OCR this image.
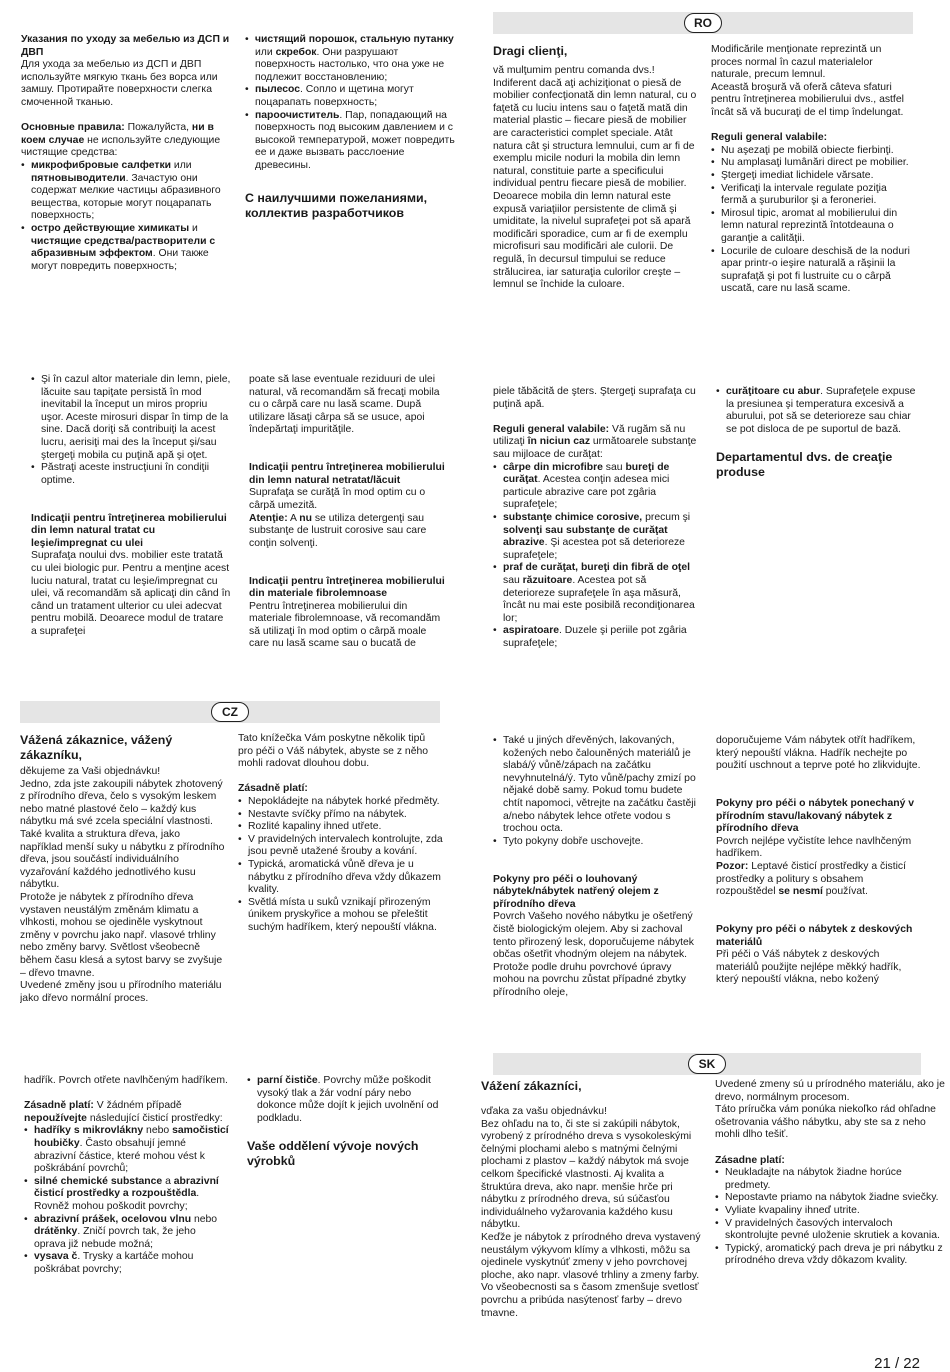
Указания по уходу за мебелью из ДСП и ДВП

Для ухода за мебелью из ДСП и ДВП используйте мягкую ткань без ворса или замшу. Протирайте поверхности слегка смоченной тканью.

Основные правила: Пожалуйста, ни в коем случае не используйте следующие чистящие средства:

• микрофибровые салфетки или пятновыводители. Зачастую они содержат мелкие частицы абразивного вещества, которые могут поцарапать поверхность;
• остро действующие химикаты и чистящие средства/растворители с абразивным эффектом. Они также могут повредить поверхность;
• чистящий порошок, стальную путанку или скребок. Они разрушают поверхность настолько, что она уже не подлежит восстановлению;
• пылесос. Сопло и щетина могут поцарапать поверхность;
• пароочиститель. Пар, попадающий на поверхность под высоким давлением и с высокой температурой, может повредить ее и даже вызвать расслоение древесины.

С наилучшими пожеланиями, коллектив разработчиков

RO

Dragi clienţi,

vă mulţumim pentru comanda dvs.!

Indiferent dacă aţi achiziţionat o piesă de mobilier confecţionată din lemn natural, cu o faţetă cu luciu intens sau o faţetă mată din material plastic – fiecare piesă de mobilier are caracteristici complet speciale. Atât natura cât şi structura lemnului, cum ar fi de exemplu micile noduri la mobila din lemn natural, constituie parte a specificului individual pentru fiecare piesă de mobilier.

Deoarece mobila din lemn natural este expusă variaţiilor persistente de climă şi umiditate, la nivelul suprafeţei pot să apară modificări sporadice, cum ar fi de exemplu microfisuri sau modificări ale culorii. De regulă, în decursul timpului se reduce strălucirea, iar saturaţia culorilor creşte – lemnul se închide la culoare.

Modificările menţionate reprezintă un proces normal în cazul materialelor naturale, precum lemnul.

Această broşură vă oferă câteva sfaturi pentru întreţinerea mobilierului dvs., astfel încât să vă bucuraţi de el timp îndelungat.

Reguli general valabile:

• Nu aşezaţi pe mobilă obiecte fierbinţi.
• Nu amplasaţi lumânări direct pe mobilier.
• Ştergeţi imediat lichidele vărsate.
• Verificaţi la intervale regulate poziţia fermă a şuruburilor şi a feroneriei.
• Mirosul tipic, aromat al mobilierului din lemn natural reprezintă întotdeauna o garanţie a calităţii.
• Locurile de culoare deschisă de la noduri apar printr-o ieşire naturală a răşinii la suprafaţă şi pot fi lustruite cu o cârpă uscată, care nu lasă scame.
• Şi în cazul altor materiale din lemn, piele, lăcuite sau tapiţate persistă în mod inevitabil la început un miros propriu uşor. Aceste mirosuri dispar în timp de la sine. Dacă doriţi să contribuiţi la acest lucru, aerisiţi mai des la început şi/sau ştergeţi mobila cu puţină apă şi oţet.
• Păstraţi aceste instrucţiuni în condiţii optime.

Indicaţii pentru întreţinerea mobilierului din lemn natural tratat cu leşie/impregnat cu ulei

Suprafaţa noului dvs. mobilier este tratată cu ulei biologic pur. Pentru a menţine acest luciu natural, tratat cu leşie/impregnat cu ulei, vă recomandăm să aplicaţi din când în când un tratament ulterior cu ulei adecvat pentru mobilă. Deoarece modul de tratare a suprafeţei

poate să lase eventuale reziduuri de ulei natural, vă recomandăm să frecaţi mobila cu o cârpă care nu lasă scame. După utilizare lăsaţi cârpa să se usuce, apoi îndepărtaţi impurităţile.

Indicaţii pentru întreţinerea mobilierului din lemn natural netratat/lăcuit

Suprafaţa se curăţă în mod optim cu o cârpă umezită.

Atenţie: A nu se utiliza detergenţi sau substanţe de lustruit corosive sau care conţin solvenţi.

Indicaţii pentru întreţinerea mobilierului din materiale fibrolemnoase

Pentru întreţinerea mobilierului din materiale fibrolemnoase, vă recomandăm să utilizaţi în mod optim o cârpă moale care nu lasă scame sau o bucată de

piele tăbăcită de şters. Ştergeţi suprafaţa cu puţină apă.

Reguli general valabile: Vă rugăm să nu utilizaţi în niciun caz următoarele substanţe sau mijloace de curăţat:

• cârpe din microfibre sau bureţi de curăţat. Acestea conţin adesea mici particule abrazive care pot zgâria suprafeţele;
• substanţe chimice corosive, precum şi solvenţi sau substanţe de curăţat abrazive. Şi acestea pot să deterioreze suprafeţele;
• praf de curăţat, bureţi din fibră de oţel sau răzuitoare. Acestea pot să deterioreze suprafeţele în aşa măsură, încât nu mai este posibilă recondiţionarea lor;
• aspiratoare. Duzele şi periile pot zgâria suprafeţele;
• curăţitoare cu abur. Suprafeţele expuse la presiunea şi temperatura excesivă a aburului, pot să se deterioreze sau chiar se pot disloca de pe suportul de bază.

Departamentul dvs. de creaţie produse

CZ

Vážená zákaznice, vážený zákazníku,

děkujeme za Vaši objednávku!

Jedno, zda jste zakoupili nábytek zhotovený z přírodního dřeva, čelo s vysokým leskem nebo matné plastové čelo – každý kus nábytku má své zcela speciální vlastnosti. Také kvalita a struktura dřeva, jako například menší suky u nábytku z přírodního dřeva, jsou součástí individuálního vyzařování každého jednotlivého kusu nábytku.

Protože je nábytek z přírodního dřeva vystaven neustálým změnám klimatu a vlhkosti, mohou se ojediněle vyskytnout změny v povrchu jako např. vlasové trhliny nebo změny barvy. Světlost všeobecně během času klesá a sytost barvy se zvyšuje – dřevo tmavne.

Uvedené změny jsou u přírodního materiálu jako dřevo normální proces.

Tato knížečka Vám poskytne několik tipů pro péči o Váš nábytek, abyste se z něho mohli radovat dlouhou dobu.

Zásadně platí:

• Nepokládejte na nábytek horké předměty.
• Nestavte svíčky přímo na nábytek.
• Rozlité kapaliny ihned utřete.
• V pravidelných intervalech kontrolujte, zda jsou pevně utažené šrouby a kování.
• Typická, aromatická vůně dřeva je u nábytku z přírodního dřeva vždy důkazem kvality.
• Světlá místa u suků vznikají přirozeným únikem pryskyřice a mohou se přeleštit suchým hadříkem, který nepouští vlákna.
• Také u jiných dřevěných, lakovaných, kožených nebo čalouněných materiálů je slabá/ý vůně/zápach na začátku nevyhnutelná/ý. Tyto vůně/pachy zmizí po nějaké době samy. Pokud tomu budete chtít napomoci, větrejte na začátku častěji a/nebo nábytek lehce otřete vodou s trochou octa.
• Tyto pokyny dobře uschovejte.

Pokyny pro péči o louhovaný nábytek/nábytek natřený olejem z přírodního dřeva

Povrch Vašeho nového nábytku je ošetřený čistě biologickým olejem. Aby si zachoval tento přirozený lesk, doporučujeme nábytek občas ošetřit vhodným olejem na nábytek. Protože podle druhu povrchové úpravy mohou na povrchu zůstat případné zbytky přírodního oleje,

doporučujeme Vám nábytek otřít hadříkem, který nepouští vlákna. Hadřík nechejte po použití uschnout a teprve poté ho zlikvidujte.

Pokyny pro péči o nábytek ponechaný v přírodním stavu/lakovaný nábytek z přírodního dřeva

Povrch nejlépe vyčistíte lehce navlhčeným hadříkem.

Pozor: Leptavé čisticí prostředky a čisticí prostředky a politury s obsahem rozpouštědel se nesmí používat.

Pokyny pro péči o nábytek z deskových materiálů

Při péči o Váš nábytek z deskových materiálů použijte nejlépe měkký hadřík, který nepouští vlákna, nebo kožený

hadřík. Povrch otřete navlhčeným hadříkem.

Zásadně platí: V žádném případě nepoužívejte následující čisticí prostředky:

• hadříky s mikrovlákny nebo samočisticí houbičky. Často obsahují jemné abrazivní částice, které mohou vést k poškrábání povrchů;
• silné chemické substance a abrazivní čisticí prostředky a rozpouštědla. Rovněž mohou poškodit povrchy;
• abrazivní prášek, ocelovou vlnu nebo drátěnky. Zničí povrch tak, že jeho oprava již nebude možná;
• vysava č. Trysky a kartáče mohou poškrábat povrchy;
• parní čističe. Povrchy může poškodit vysoký tlak a žár vodní páry nebo dokonce může dojít k jejich uvolnění od podkladu.

Vaše oddělení vývoje nových výrobků

SK

Vážení zákazníci,

vďaka za vašu objednávku!

Bez ohľadu na to, či ste si zakúpili nábytok, vyrobený z prírodného dreva s vysokoleskými čelnými plochami alebo s matnými čelnými plochami z plastov – každý nábytok má svoje celkom špecifické vlastnosti. Aj kvalita a štruktúra dreva, ako napr. menšie hrče pri nábytku z prírodného dreva, sú súčasťou individuálneho vyžarovania každého kusu nábytku.

Keďže je nábytok z prírodného dreva vystavený neustálym výkyvom klímy a vlhkosti, môžu sa ojedinele vyskytnúť zmeny v jeho povrchovej ploche, ako napr. vlasové trhliny a zmeny farby. Vo všeobecnosti sa s časom zmenšuje svetlosť povrchu a pribúda nasýtenosť farby – drevo tmavne.

Uvedené zmeny sú u prírodného materiálu, ako je drevo, normálnym procesom.

Táto príručka vám ponúka niekoľko rád ohľadne ošetrovania vášho nábytku, aby ste sa z neho mohli dlho tešiť.

Zásadne platí:

• Neukladajte na nábytok žiadne horúce predmety.
• Nepostavte priamo na nábytok žiadne sviečky.
• Vyliate kvapaliny ihneď utrite.
• V pravidelných časových intervaloch skontrolujte pevné uloženie skrutiek a kovania.
• Typický, aromatický pach dreva je pri nábytku z prírodného dreva vždy dôkazom kvality.
21 / 22
